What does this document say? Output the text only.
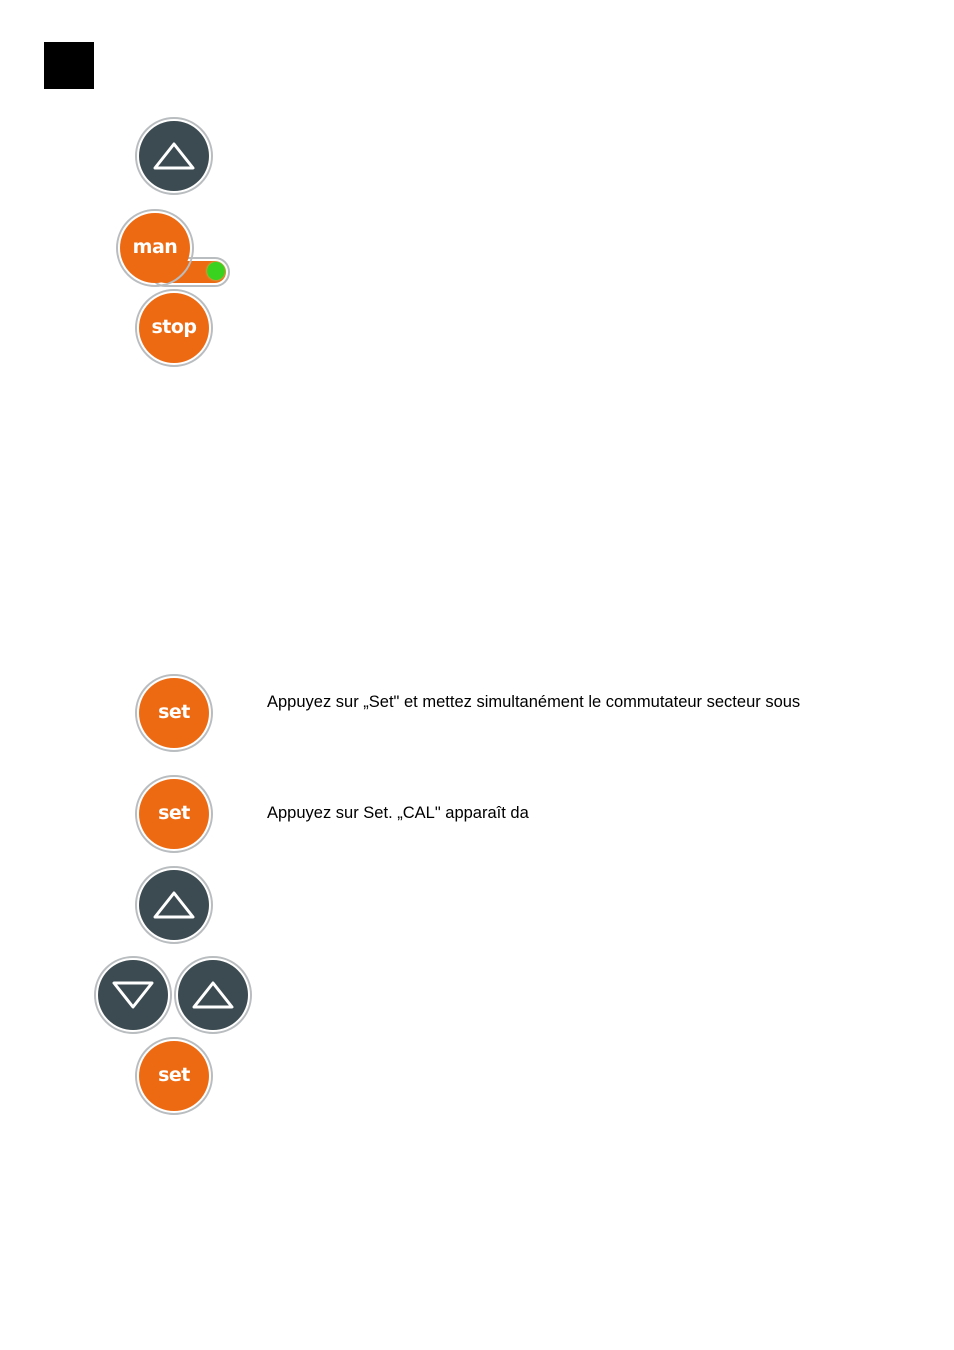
man
stop
set	Appuyez sur „Set" et mettez simultanément le commutateur secteur sous
set	Appuyez sur Set. „CAL" apparaît da
set
